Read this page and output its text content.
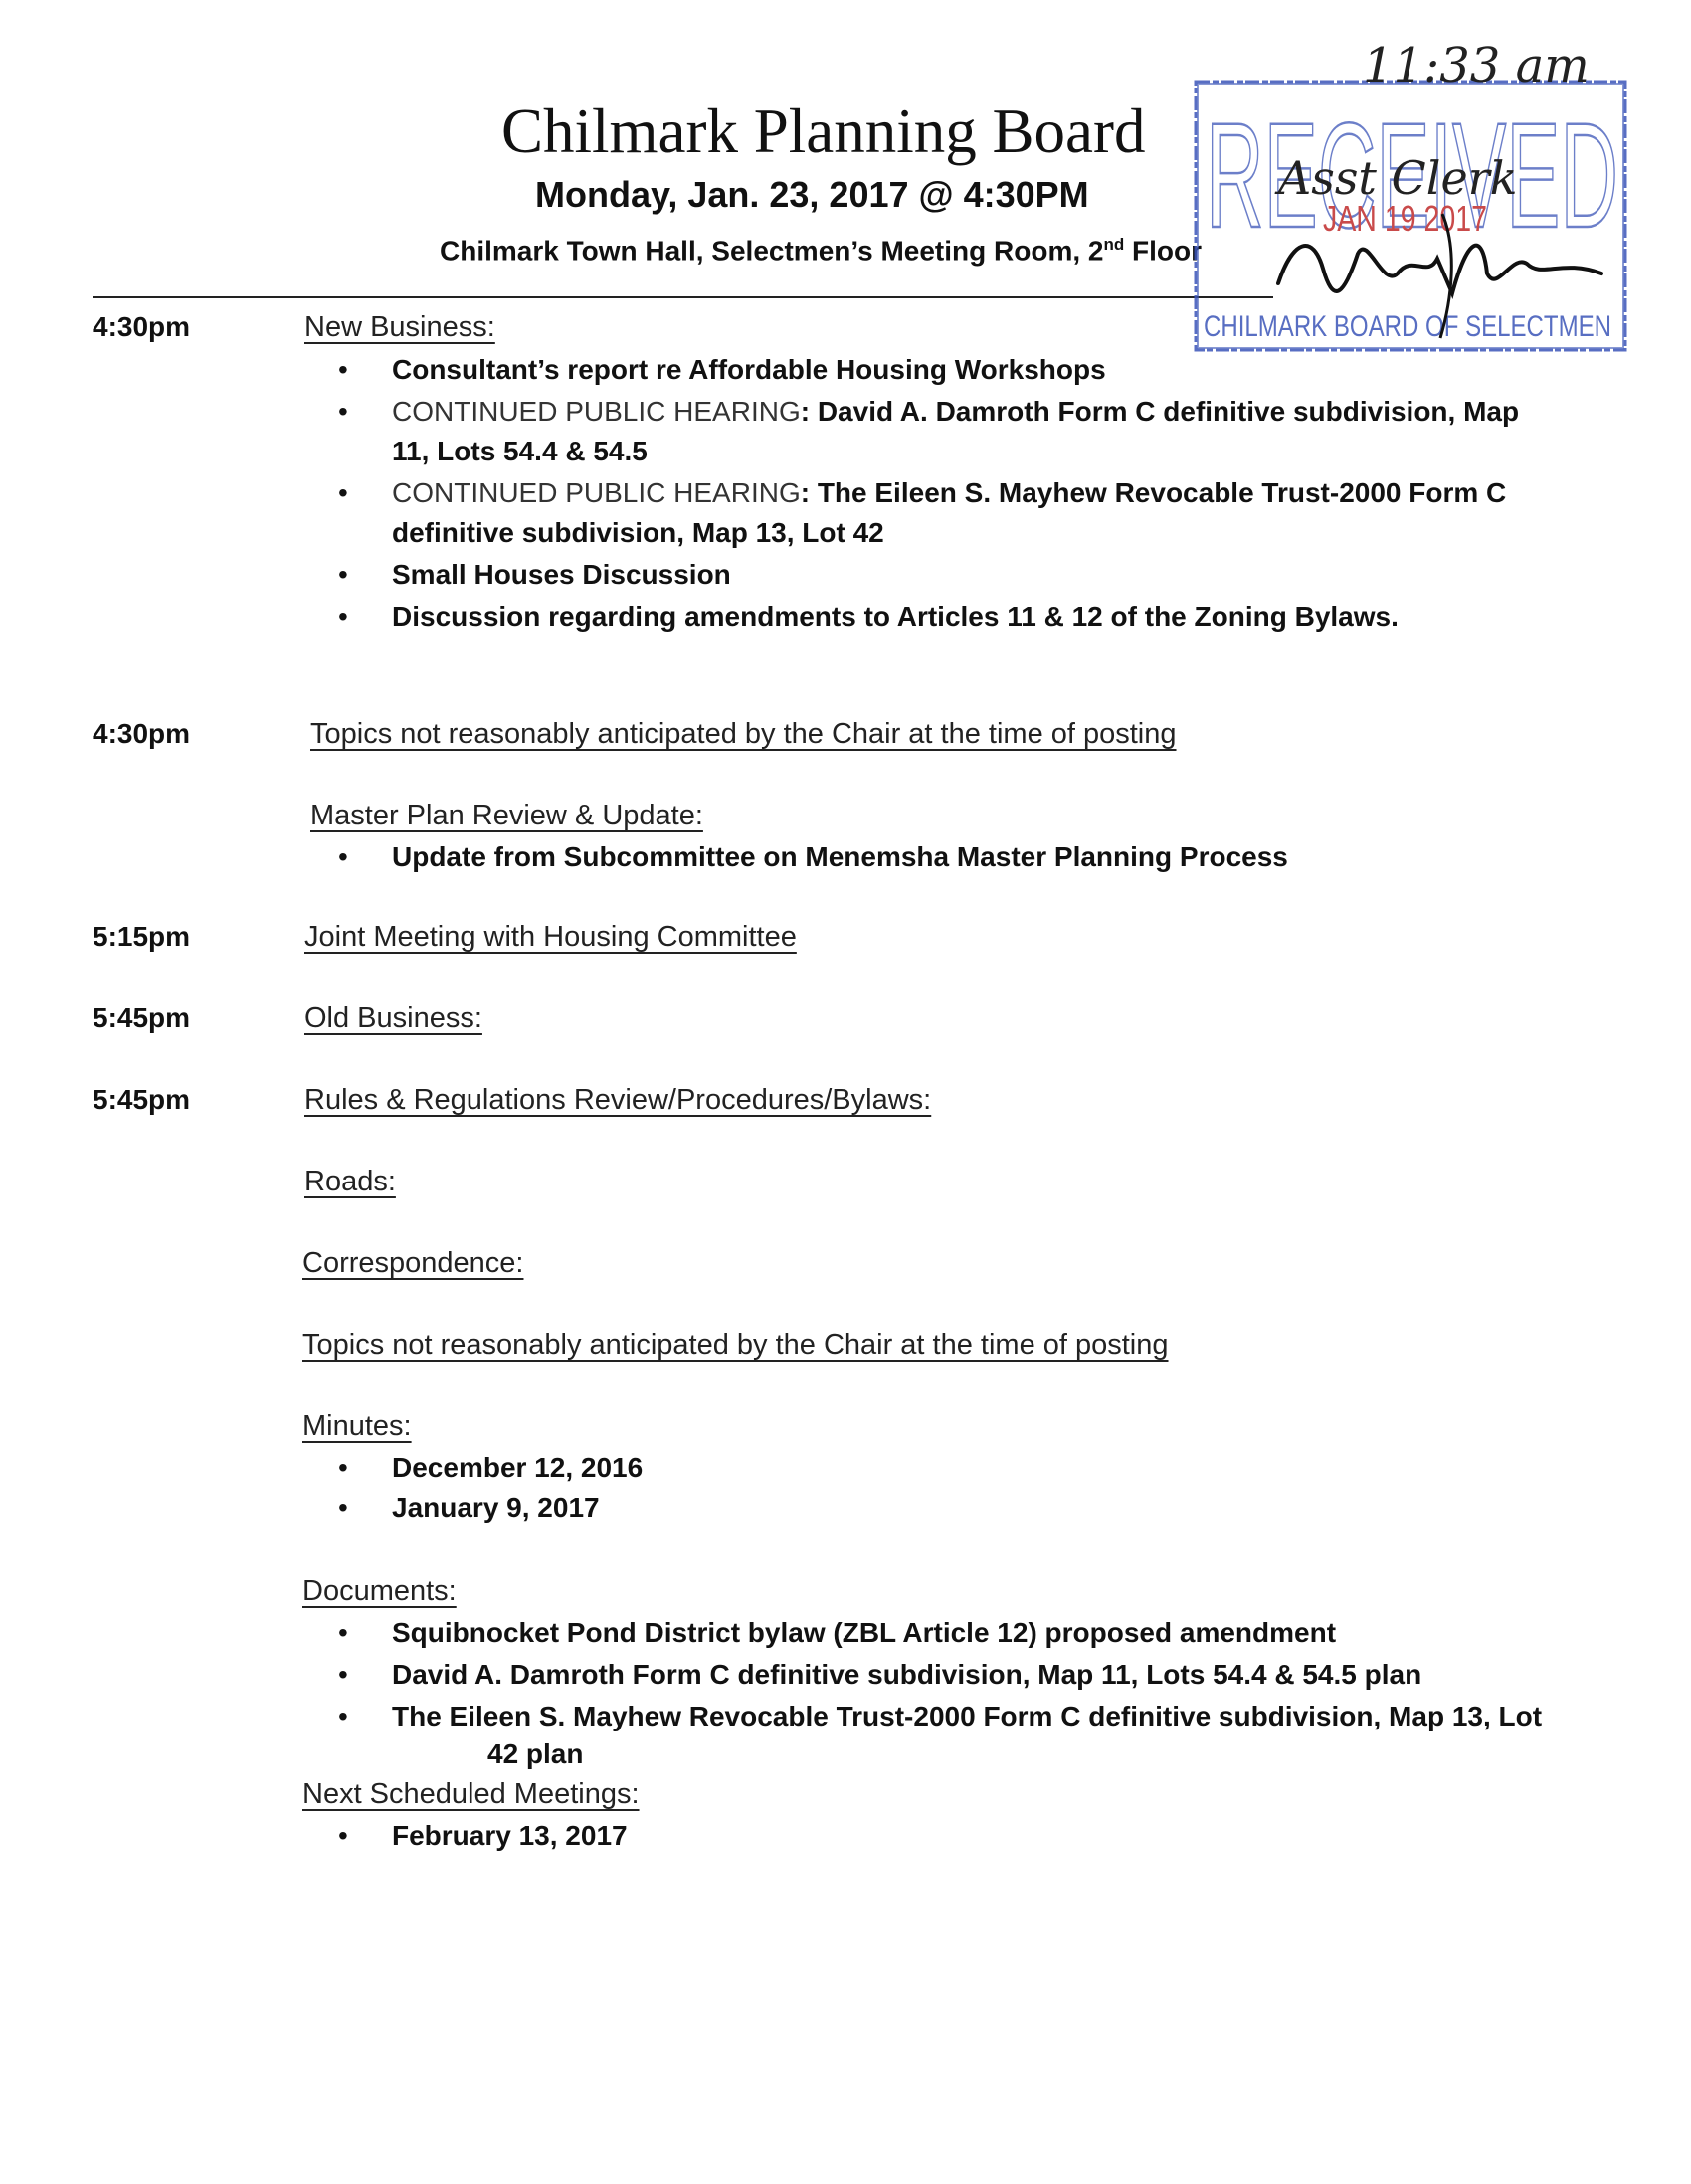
Chilmark Planning Board
Monday, Jan. 23, 2017 @ 4:30PM
Chilmark Town Hall, Selectmen’s Meeting Room, 2nd Floor RECEIVED
JAN 19 2017
CHILMARK BOARD OF SELECTMEN
11:33 am
Asst Clerk
4:30pm	New Business:
• Consultant’s report re Affordable Housing Workshops
• CONTINUED PUBLIC HEARING: David A. Damroth Form C definitive subdivision, Map
11, Lots 54.4 & 54.5
• CONTINUED PUBLIC HEARING: The Eileen S. Mayhew Revocable Trust-2000 Form C
definitive subdivision, Map 13, Lot 42
• Small Houses Discussion
• Discussion regarding amendments to Articles 11 & 12 of the Zoning Bylaws.
4:30pm	Topics not reasonably anticipated by the Chair at the time of posting
Master Plan Review & Update:
• Update from Subcommittee on Menemsha Master Planning Process
5:15pm	Joint Meeting with Housing Committee
5:45pm	Old Business:
5:45pm	Rules & Regulations Review/Procedures/Bylaws:
Roads:
Correspondence:
Topics not reasonably anticipated by the Chair at the time of posting
Minutes:
• December 12, 2016
• January 9, 2017
Documents:
• Squibnocket Pond District bylaw (ZBL Article 12) proposed amendment
• David A. Damroth Form C definitive subdivision, Map 11, Lots 54.4 & 54.5 plan
• The Eileen S. Mayhew Revocable Trust-2000 Form C definitive subdivision, Map 13, Lot
42 plan
Next Scheduled Meetings:
• February 13, 2017
